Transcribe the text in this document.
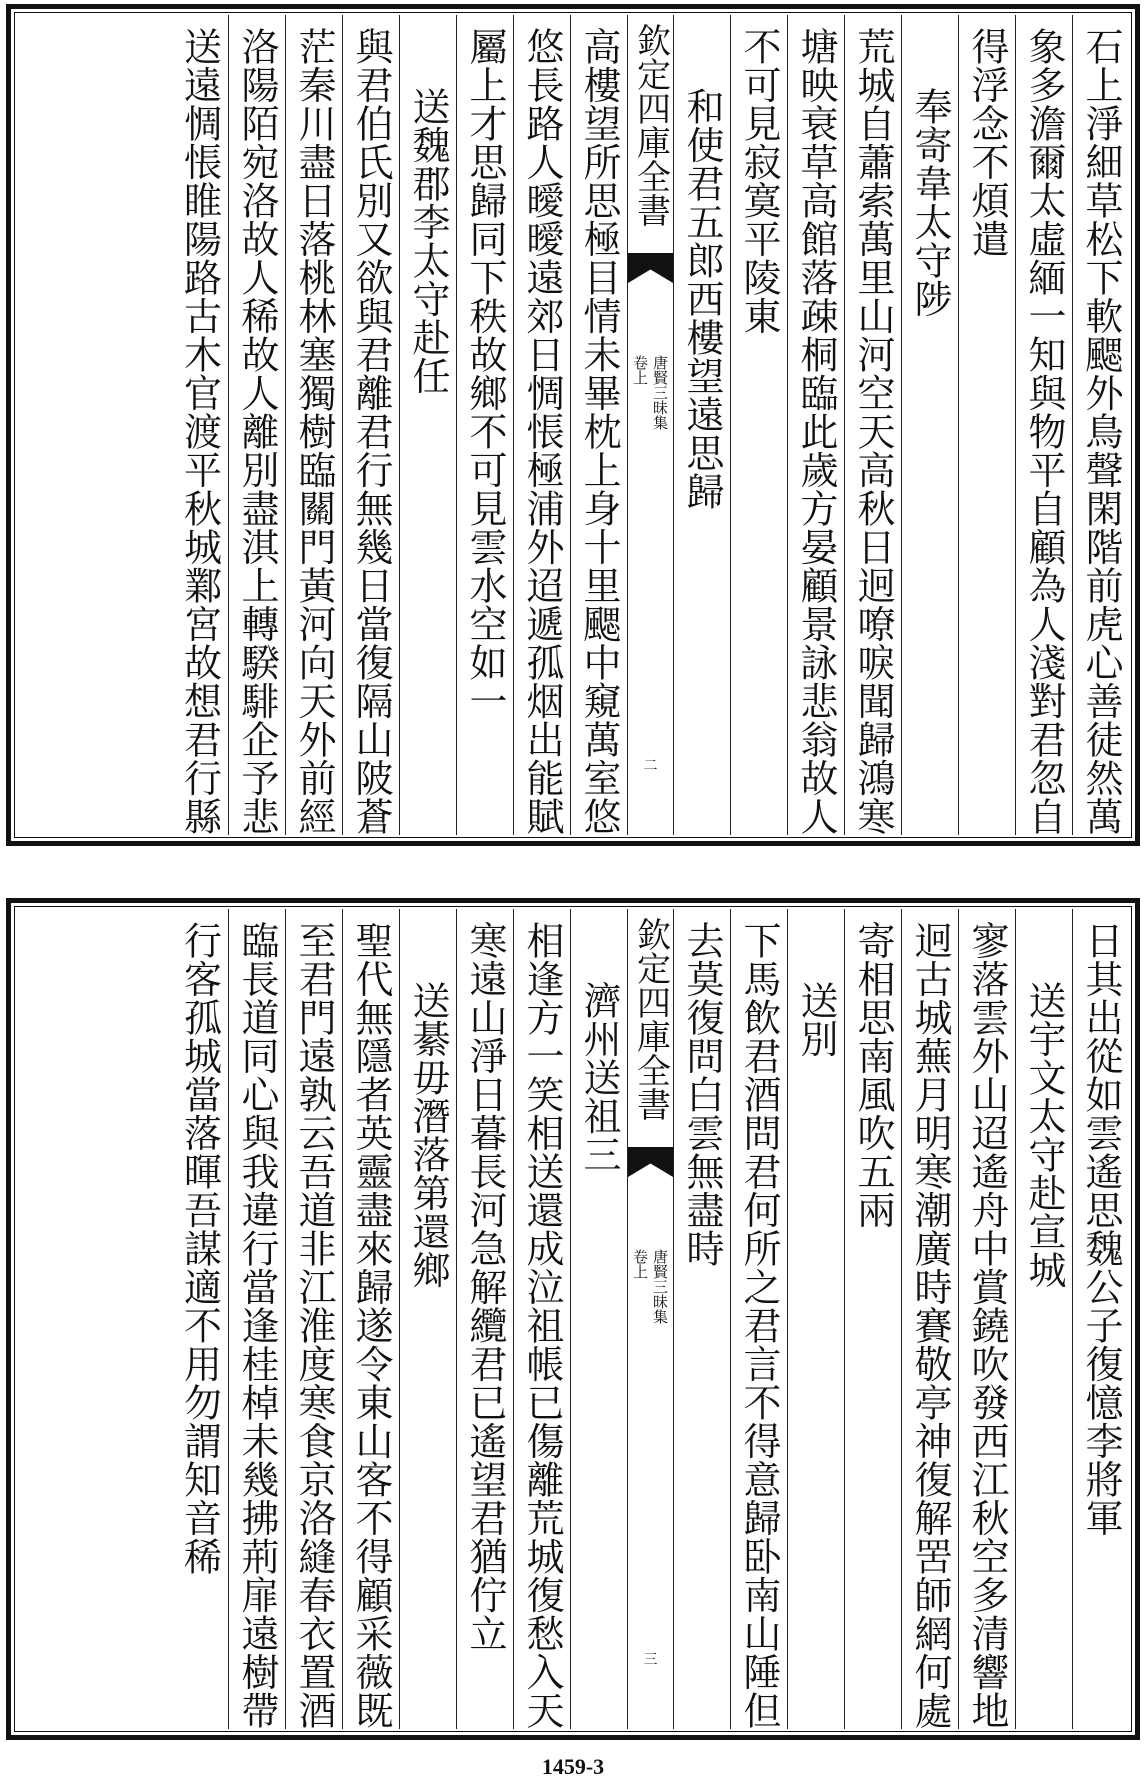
石上淨細草松下軟颸外鳥聲閑階前虎心善徒然萬
象多澹爾太虛緬一知與物平自顧為人淺對君忽自
得浮念不煩遣
奉寄韋太守陟
荒城自蕭索萬里山河空天高秋日迥嘹唳聞歸鴻寒
塘映衰草高館落疎桐臨此歲方晏顧景詠悲翁故人
不可見寂寞平陵東
和使君五郎西樓望遠思歸
欽定四庫全書
唐賢三昧集
卷上
二
高樓望所思極目情未畢枕上身十里颸中窺萬室悠
悠長路人曖曖遠郊日惆悵極浦外迢遞孤烟出能賦
屬上才思歸同下秩故鄉不可見雲水空如一
送魏郡李太守赴任
與君伯氏別又欲與君離君行無幾日當復隔山陂蒼
茫秦川盡日落桃林塞獨樹臨關門黃河向天外前經
洛陽陌宛洛故人稀故人離別盡淇上轉騤騑企予悲
送遠惆悵睢陽路古木官渡平秋城鄴宮故想君行縣
日其出從如雲遙思魏公子復憶李將軍
送宇文太守赴宣城
寥落雲外山迢遙舟中賞鐃吹發西江秋空多清響地
迥古城蕪月明寒潮廣時賽敬亭神復解罟師網何處
寄相思南風吹五兩
送別
下馬飲君酒問君何所之君言不得意歸卧南山陲但
去莫復問白雲無盡時
欽定四庫全書
唐賢三昧集
卷上
三
濟州送祖三
相逢方一笑相送還成泣祖帳已傷離荒城復愁入天
寒遠山淨日暮長河急解纜君已遙望君猶佇立
送綦毋潛落第還鄉
聖代無隱者英靈盡來歸遂令東山客不得顧采薇既
至君門遠孰云吾道非江淮度寒食京洛縫春衣置酒
臨長道同心與我違行當逢桂棹未幾拂荊扉遠樹帶
行客孤城當落暉吾謀適不用勿謂知音稀
1459-3
